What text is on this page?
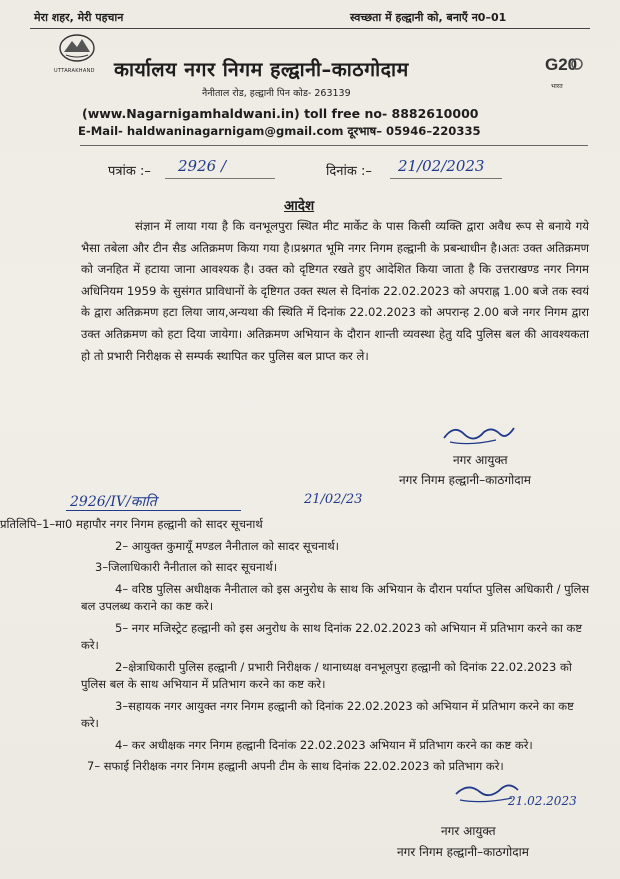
मेरा शहर, मेरी पहचान	स्वच्छता में हल्द्वानी को, बनाएँ न0–01
UTTARAKHAND कार्यालय नगर निगम हल्द्वानी–काठगोदाम
नैनीताल रोड, हल्द्वानी पिन कोड- 263139
(www.Nagarnigamhaldwani.in) toll free no- 8882610000
E-Mail- haldwaninagarnigam@gmail.com दूरभाष– 05946–220335
G20
भारत
पत्रांक :– 2926 /	दिनांक :– 21/02/2023
आदेश

संज्ञान में लाया गया है कि वनभूलपुरा स्थित मीट मार्केट के पास किसी व्यक्ति द्वारा अवैध रूप से बनाये गये भैसा तबेला और टीन सैड अतिक्रमण किया गया है।प्रश्नगत भूमि नगर निगम हल्द्वानी के प्रबन्धाधीन है।अतः उक्त अतिक्रमण को जनहित में हटाया जाना आवश्यक है। उक्त को दृष्टिगत रखते हुए आदेशित किया जाता है कि उत्तराखण्ड नगर निगम अधिनियम 1959 के सुसंगत प्राविधानों के दृष्टिगत उक्त स्थल से दिनांक 22.02.2023 को अपराह्न 1.00 बजे तक स्वयं के द्वारा अतिक्रमण हटा लिया जाय,अन्यथा की स्थिति में दिनांक 22.02.2023 को अपरान्ह 2.00 बजे नगर निगम द्वारा उक्त अतिक्रमण को हटा दिया जायेगा। अतिक्रमण अभियान के दौरान शान्ती व्यवस्था हेतु यदि पुलिस बल की आवश्यकता हो तो प्रभारी निरीक्षक से सम्पर्क स्थापित कर पुलिस बल प्राप्त कर ले।

नगर आयुक्त
नगर निगम हल्द्वानी–काठगोदाम
2926/IV/काति	21/02/23
प्रतिलिपि–1–मा0 महापौर नगर निगम हल्द्वानी को सादर सूचनार्थ
2– आयुक्त कुमायूँ मण्डल नैनीताल को सादर सूचनार्थ।
3–जिलाधिकारी नैनीताल को सादर सूचनार्थ।
4– वरिष्ठ पुलिस अधीक्षक नैनीताल को इस अनुरोध के साथ कि अभियान के दौरान पर्याप्त पुलिस अधिकारी / पुलिस बल उपलब्ध कराने का कष्ट करे।
5– नगर मजिस्ट्रेट हल्द्वानी को इस अनुरोध के साथ दिनांक 22.02.2023 को अभियान में प्रतिभाग करने का कष्ट करे।
2–क्षेत्राधिकारी पुलिस हल्द्वानी / प्रभारी निरीक्षक / थानाध्यक्ष वनभूलपुरा हल्द्वानी को दिनांक 22.02.2023 को पुलिस बल के साथ अभियान में प्रतिभाग करने का कष्ट करे।
3–सहायक नगर आयुक्त नगर निगम हल्द्वानी को दिनांक 22.02.2023 को अभियान में प्रतिभाग करने का कष्ट करे।
4– कर अधीक्षक नगर निगम हल्द्वानी दिनांक 22.02.2023 अभियान में प्रतिभाग करने का कष्ट करे।
7– सफाई निरीक्षक नगर निगम हल्द्वानी अपनी टीम के साथ दिनांक 22.02.2023 को प्रतिभाग करे।
21.02.2023
नगर आयुक्त
नगर निगम हल्द्वानी–काठगोदाम
